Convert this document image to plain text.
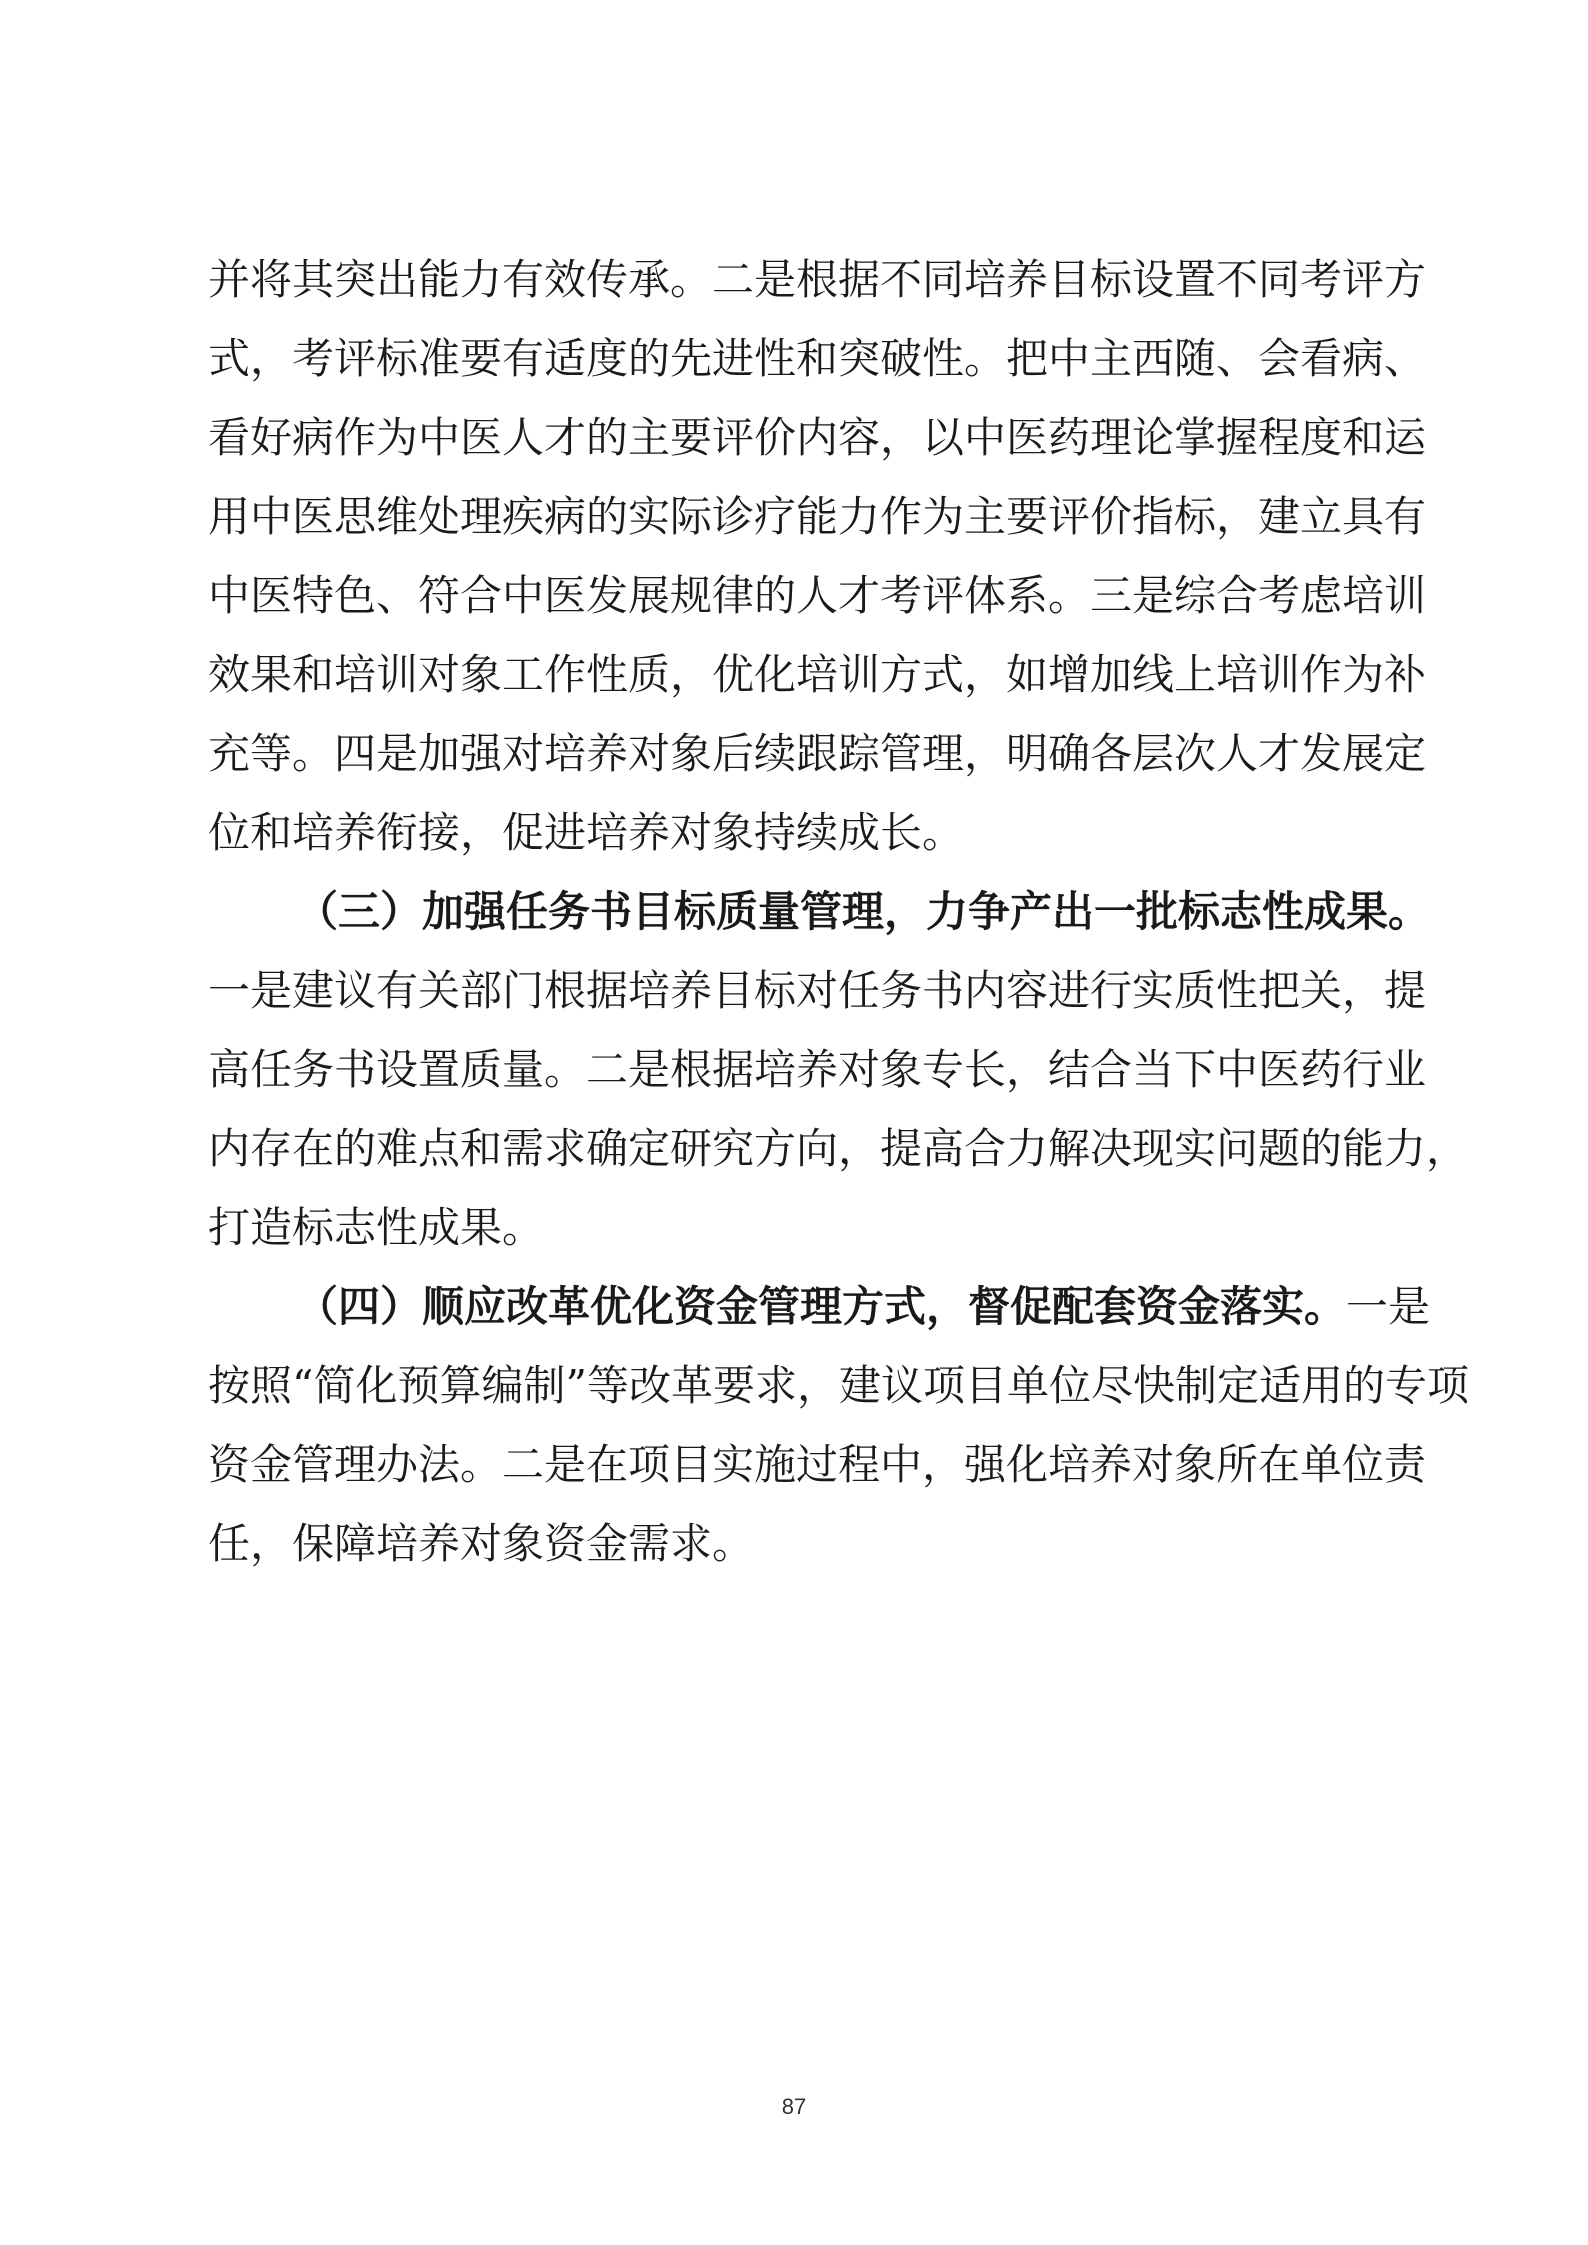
并将其突出能力有效传承。二是根据不同培养目标设置不同考评方
式，考评标准要有适度的先进性和突破性。把中主西随、会看病、
看好病作为中医人才的主要评价内容，以中医药理论掌握程度和运
用中医思维处理疾病的实际诊疗能力作为主要评价指标，建立具有
中医特色、符合中医发展规律的人才考评体系。三是综合考虑培训
效果和培训对象工作性质，优化培训方式，如增加线上培训作为补
充等。四是加强对培养对象后续跟踪管理，明确各层次人才发展定
位和培养衔接，促进培养对象持续成长。
（三）加强任务书目标质量管理，力争产出一批标志性成果。
一是建议有关部门根据培养目标对任务书内容进行实质性把关，提
高任务书设置质量。二是根据培养对象专长，结合当下中医药行业
内存在的难点和需求确定研究方向，提高合力解决现实问题的能力，
打造标志性成果。
（四）顺应改革优化资金管理方式，督促配套资金落实。一是
按照“简化预算编制”等改革要求，建议项目单位尽快制定适用的专项
资金管理办法。二是在项目实施过程中，强化培养对象所在单位责
任，保障培养对象资金需求。
87
